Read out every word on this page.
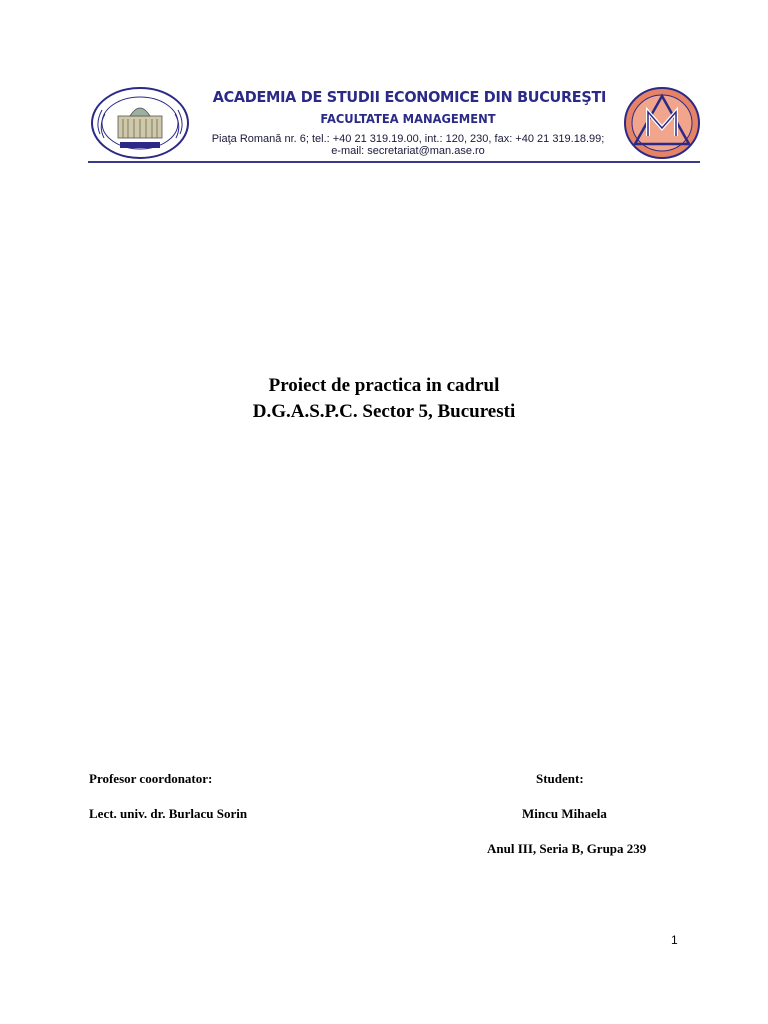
ACADEMIA DE STUDII ECONOMICE DIN BUCUREŞTI
FACULTATEA MANAGEMENT
Piaţa Romană nr. 6; tel.: +40 21 319.19.00, int.: 120, 230, fax: +40 21 319.18.99;
e-mail: secretariat@man.ase.ro
Proiect de practica in cadrul
D.G.A.S.P.C. Sector 5, Bucuresti
Profesor coordonator:
Lect. univ. dr. Burlacu Sorin
Student:
Mincu Mihaela
Anul III, Seria B, Grupa 239
1
